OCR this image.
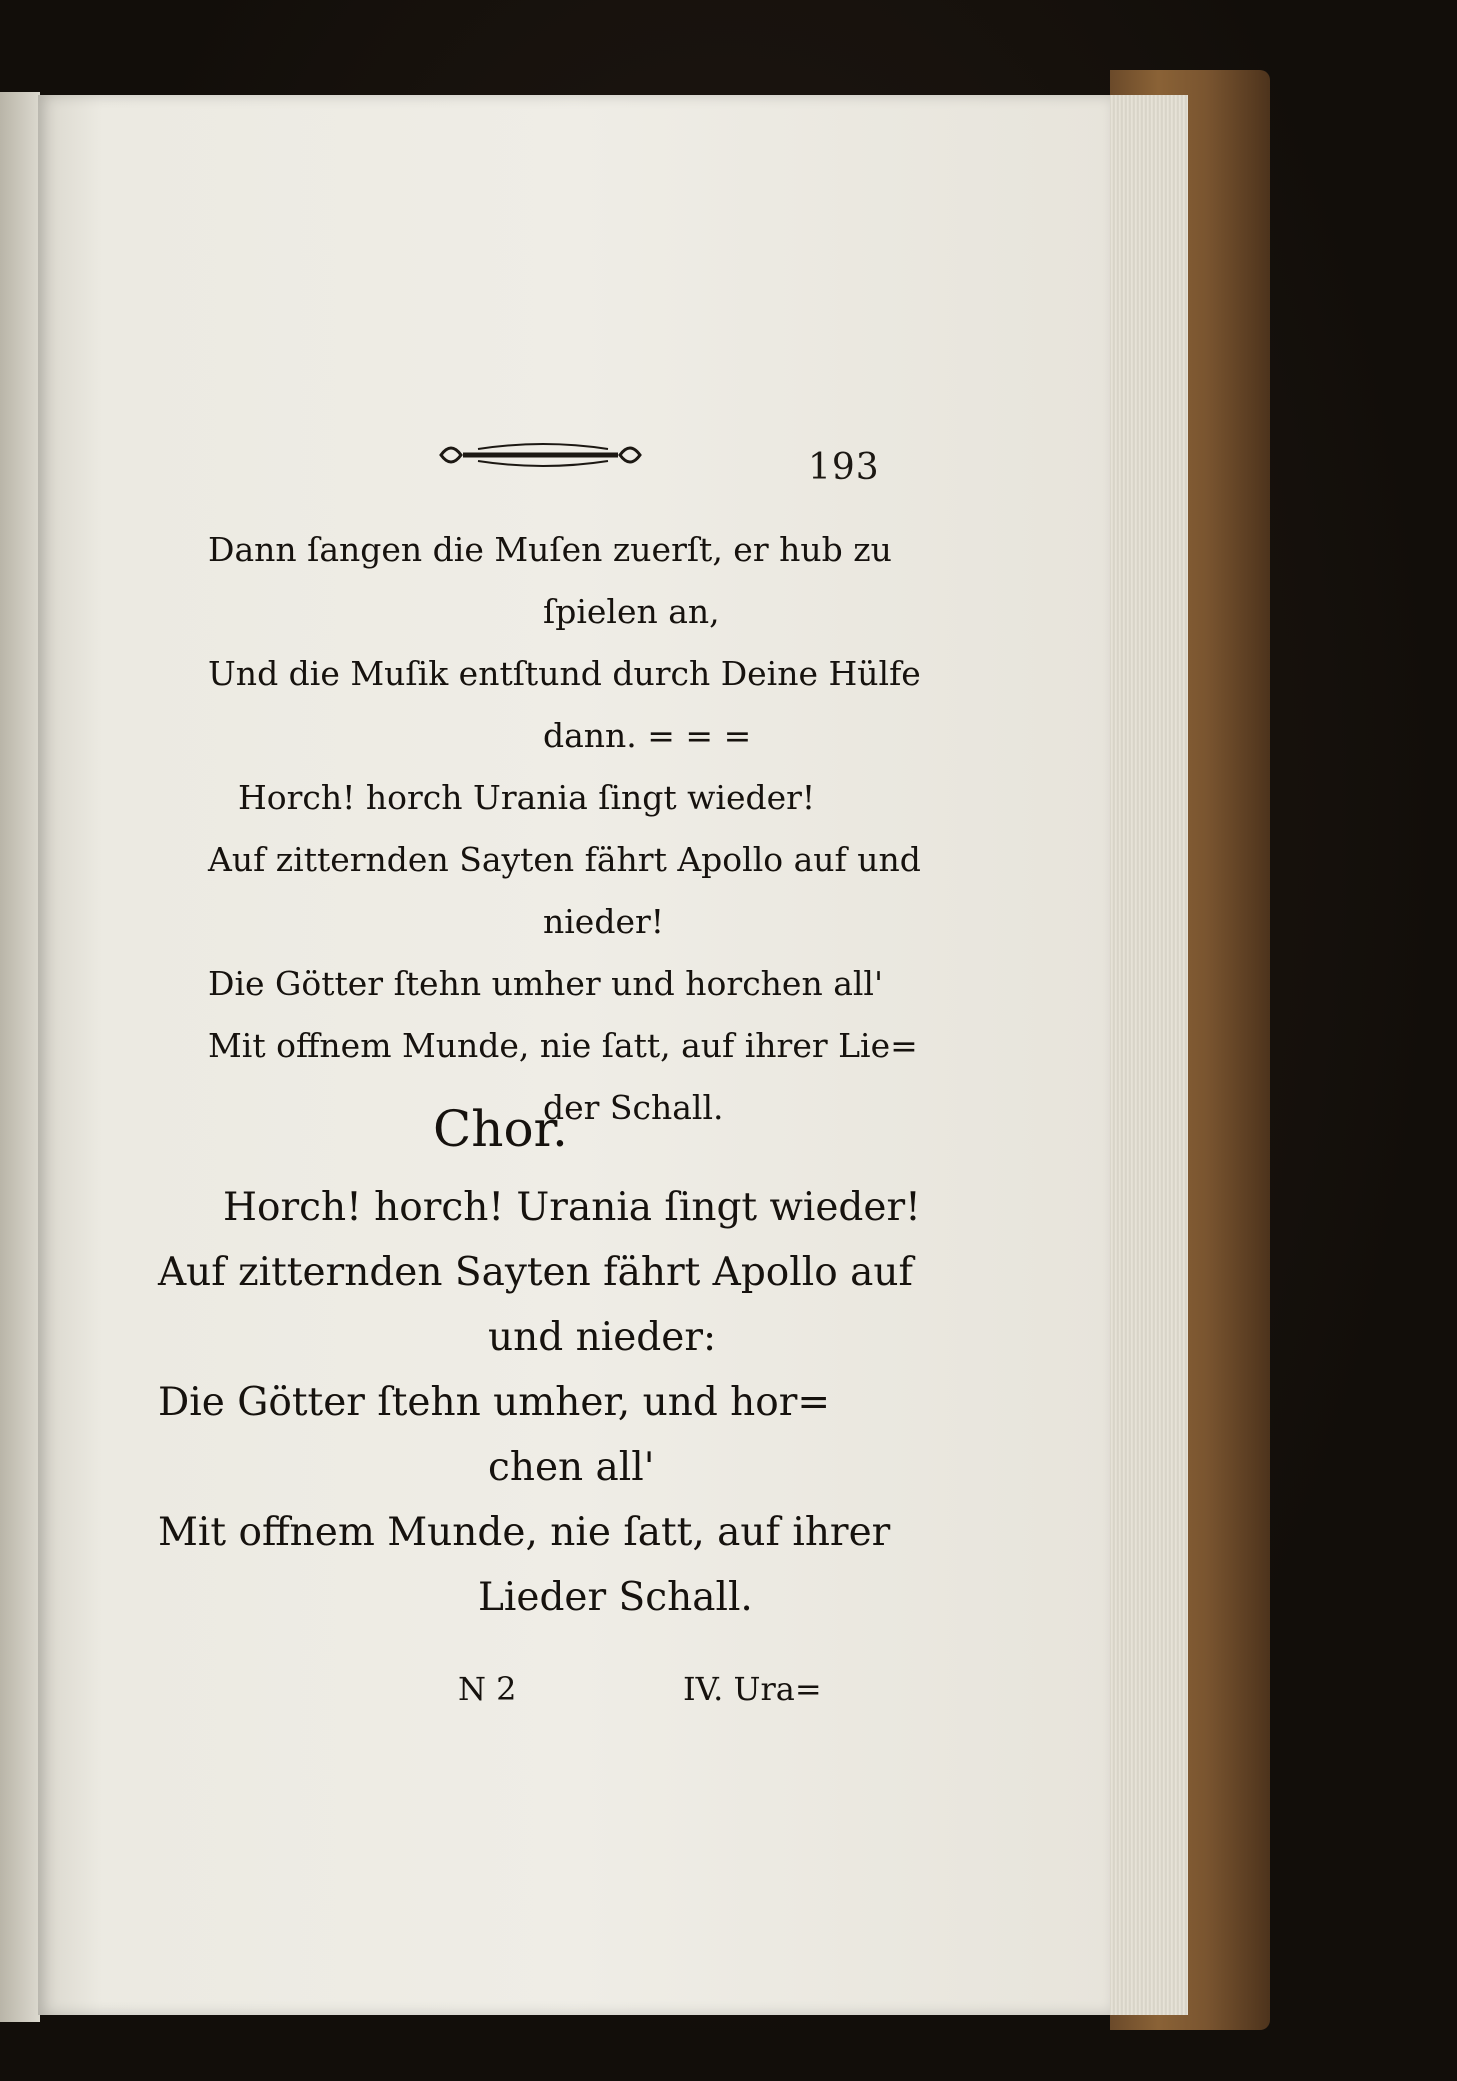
193
Dann ſangen die Muſen zuerſt, er hub zu
ſpielen an,
Und die Muſik entſtund durch Deine Hülfe
dann. = = =
Horch! horch Urania ſingt wieder!
Auf zitternden Sayten fährt Apollo auf und
nieder!
Die Götter ſtehn umher und horchen all'
Mit offnem Munde, nie ſatt, auf ihrer Lie=
der Schall.
Chor.
Horch! horch! Urania ſingt wieder!
Auf zitternden Sayten fährt Apollo auf
und nieder:
Die Götter ſtehn umher, und hor=
chen all'
Mit offnem Munde, nie ſatt, auf ihrer
Lieder Schall.
N 2	IV. Ura=
